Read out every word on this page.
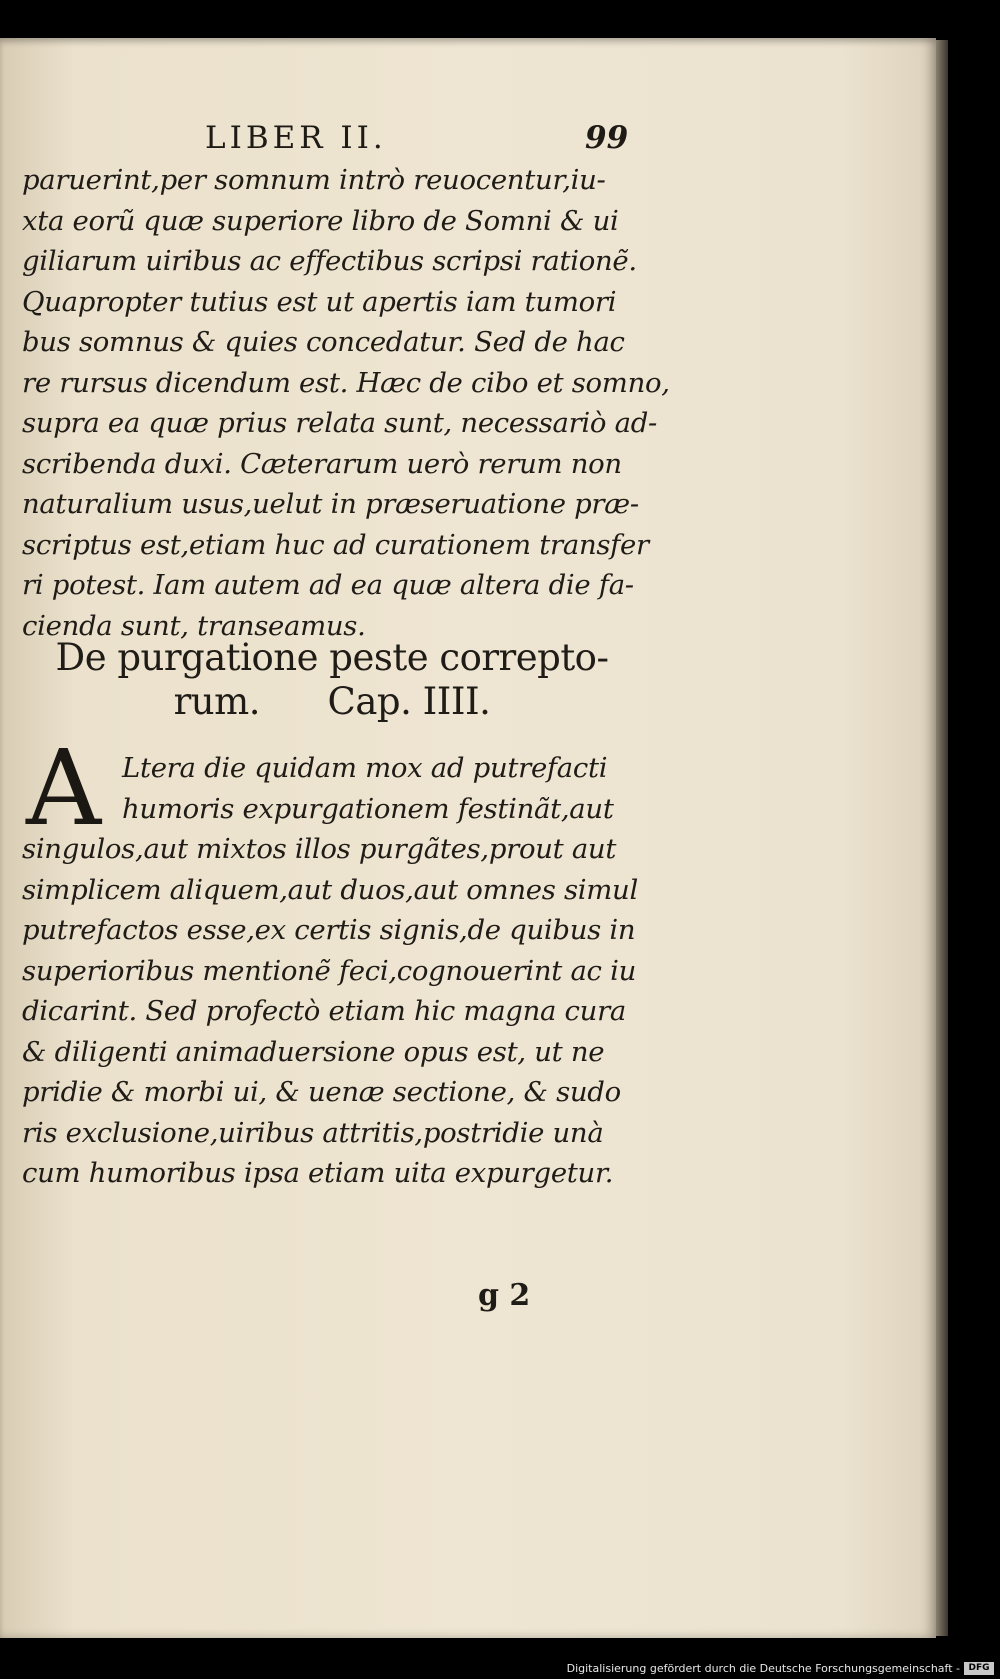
LIBER II.	99
paruerint,per somnum intrò reuocentur,iu-
xta eorũ quæ superiore libro de Somni & ui
giliarum uiribus ac effectibus scripsi rationẽ.
Quapropter tutius est ut apertis iam tumori
bus somnus & quies concedatur. Sed de hac
re rursus dicendum est. Hæc de cibo et somno,
supra ea quæ prius relata sunt, necessariò ad-
scribenda duxi. Cæterarum uerò rerum non
naturalium usus,uelut in præseruatione præ-
scriptus est,etiam huc ad curationem transfer
ri potest. Iam autem ad ea quæ altera die fa-
cienda sunt, transeamus.
De purgatione peste correpto-
rum.      Cap. IIII.
A Ltera die quidam mox ad putrefacti
humoris expurgationem festinãt,aut
singulos,aut mixtos illos purgãtes,prout aut
simplicem aliquem,aut duos,aut omnes simul
putrefactos esse,ex certis signis,de quibus in
superioribus mentionẽ feci,cognouerint ac iu
dicarint. Sed profectò etiam hic magna cura
& diligenti animaduersione opus est, ut ne
pridie & morbi ui, & uenæ sectione, & sudo
ris exclusione,uiribus attritis,postridie unà
cum humoribus ipsa etiam uita expurgetur.
g 2
Digitalisierung gefördert durch die Deutsche Forschungsgemeinschaft - DFG
